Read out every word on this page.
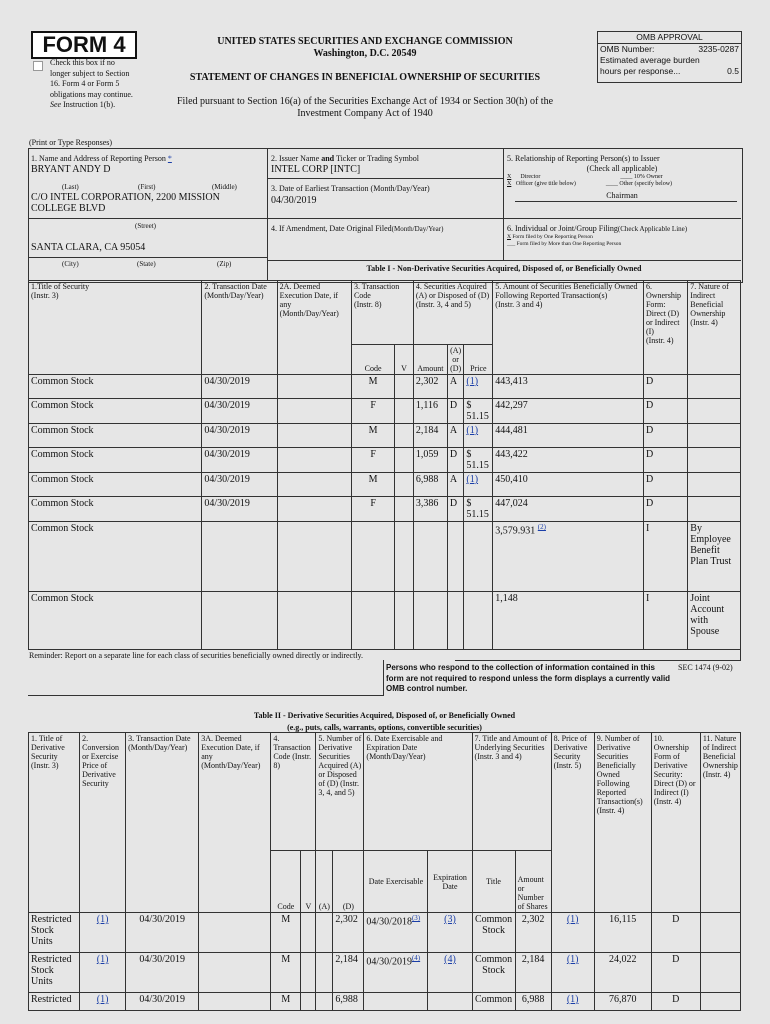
FORM 4
Check this box if no longer subject to Section 16. Form 4 or Form 5 obligations may continue. See Instruction 1(b).
UNITED STATES SECURITIES AND EXCHANGE COMMISSION
Washington, D.C. 20549
STATEMENT OF CHANGES IN BENEFICIAL OWNERSHIP OF SECURITIES
Filed pursuant to Section 16(a) of the Securities Exchange Act of 1934 or Section 30(h) of the
Investment Company Act of 1940
OMB APPROVAL
OMB Number:	3235-0287
Estimated average burden
hours per response...	0.5
(Print or Type Responses)
1. Name and Address of Reporting Person *
BRYANT ANDY D
(Last)	(First)	(Middle)
C/O INTEL CORPORATION, 2200 MISSION COLLEGE BLVD
(Street)
SANTA CLARA, CA 95054
(City)	(State)	(Zip)
2. Issuer Name and Ticker or Trading Symbol
INTEL CORP [INTC]
3. Date of Earliest Transaction (Month/Day/Year)
04/30/2019
4. If Amendment, Date Original Filed(Month/Day/Year)
5. Relationship of Reporting Person(s) to Issuer
(Check all applicable)
X Director	____ 10% Owner
X Officer (give title below)	____ Other (specify below)
Chairman
6. Individual or Joint/Group Filing(Check Applicable Line)
X Form filed by One Reporting Person
___ Form filed by More than One Reporting Person
Table I - Non-Derivative Securities Acquired, Disposed of, or Beneficially Owned
1.Title of Security
(Instr. 3)	2. Transaction Date
(Month/Day/Year)	2A. Deemed Execution Date, if any
(Month/Day/Year)	3. Transaction Code
(Instr. 8)		4. Securities Acquired (A) or Disposed of (D)
(Instr. 3, 4 and 5)			5. Amount of Securities Beneficially Owned Following Reported Transaction(s)
(Instr. 3 and 4)	6. Ownership Form: Direct (D) or Indirect (I)
(Instr. 4)	7. Nature of Indirect Beneficial Ownership
(Instr. 4)
			Code	V	Amount	(A) or (D)	Price			
Common Stock	04/30/2019		M		2,302	A	(1)	443,413	D	
Common Stock	04/30/2019		F		1,116	D	$ 51.15	442,297	D	
Common Stock	04/30/2019		M		2,184	A	(1)	444,481	D	
Common Stock	04/30/2019		F		1,059	D	$ 51.15	443,422	D	
Common Stock	04/30/2019		M		6,988	A	(1)	450,410	D	
Common Stock	04/30/2019		F		3,386	D	$ 51.15	447,024	D	
Common Stock								3,579.931 $^{(2)}$	I	By Employee Benefit Plan Trust
Common Stock								1,148	I	Joint Account with Spouse
Reminder: Report on a separate line for each class of securities beneficially owned directly or indirectly.
Persons who respond to the collection of information contained in this form are not required to respond unless the form displays a currently valid OMB control number.
SEC 1474 (9-02)
Table II - Derivative Securities Acquired, Disposed of, or Beneficially Owned
(e.g., puts, calls, warrants, options, convertible securities)
1. Title of Derivative Security (Instr. 3)	2. Conversion or Exercise Price of Derivative Security	3. Transaction Date (Month/Day/Year)	3A. Deemed Execution Date, if any (Month/Day/Year)	4. Transaction Code (Instr. 8)		5. Number of Derivative Securities Acquired (A) or Disposed of (D) (Instr. 3, 4, and 5)		6. Date Exercisable and Expiration Date (Month/Day/Year)		7. Title and Amount of Underlying Securities (Instr. 3 and 4)		8. Price of Derivative Security (Instr. 5)	9. Number of Derivative Securities Beneficially Owned Following Reported Transaction(s) (Instr. 4)	10. Ownership Form of Derivative Security: Direct (D) or Indirect (I) (Instr. 4)	11. Nature of Indirect Beneficial Ownership (Instr. 4)
				Code	V	(A)	(D)	Date Exercisable	Expiration Date	Title	Amount or Number of Shares				
Restricted Stock Units	(1)	04/30/2019		M			2,302	04/30/2018$^{(3)}$	(3)	Common Stock	2,302	(1)	16,115	D	
Restricted Stock Units	(1)	04/30/2019		M			2,184	04/30/2019$^{(4)}$	(4)	Common Stock	2,184	(1)	24,022	D	
Restricted	(1)	04/30/2019		M			6,988			Common	6,988	(1)	76,870	D	
